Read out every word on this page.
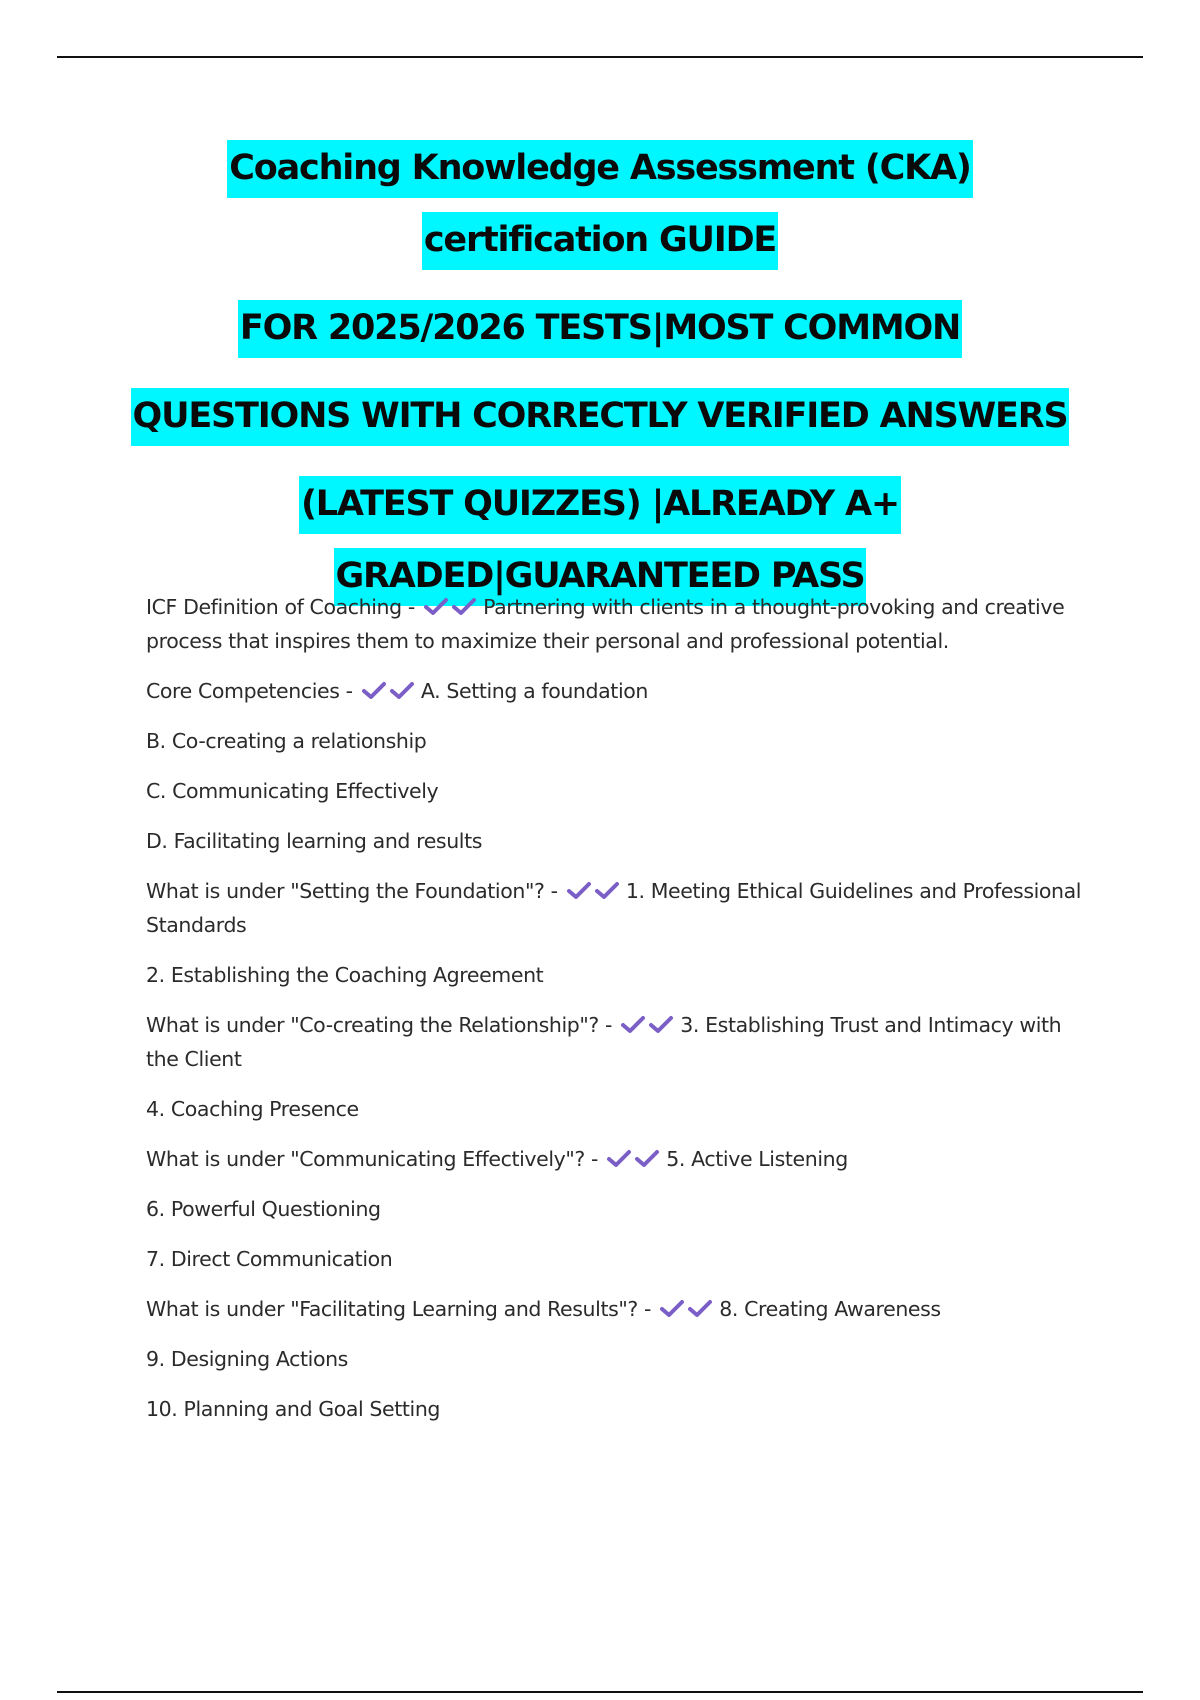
Coaching Knowledge Assessment (CKA)
certification GUIDE
FOR 2025/2026 TESTS|MOST COMMON
QUESTIONS WITH CORRECTLY VERIFIED ANSWERS
(LATEST QUIZZES) |ALREADY A+
GRADED|GUARANTEED PASS

ICF Definition of Coaching -	Partnering with clients in a thought-provoking and creative process that inspires them to maximize their personal and professional potential.

Core Competencies -	A. Setting a foundation

B. Co-creating a relationship

C. Communicating Effectively

D. Facilitating learning and results

What is under "Setting the Foundation"? -	1. Meeting Ethical Guidelines and Professional Standards

2. Establishing the Coaching Agreement

What is under "Co-creating the Relationship"? -	3. Establishing Trust and Intimacy with the Client

4. Coaching Presence

What is under "Communicating Effectively"? -	5. Active Listening

6. Powerful Questioning

7. Direct Communication

What is under "Facilitating Learning and Results"? -	8. Creating Awareness

9. Designing Actions

10. Planning and Goal Setting
